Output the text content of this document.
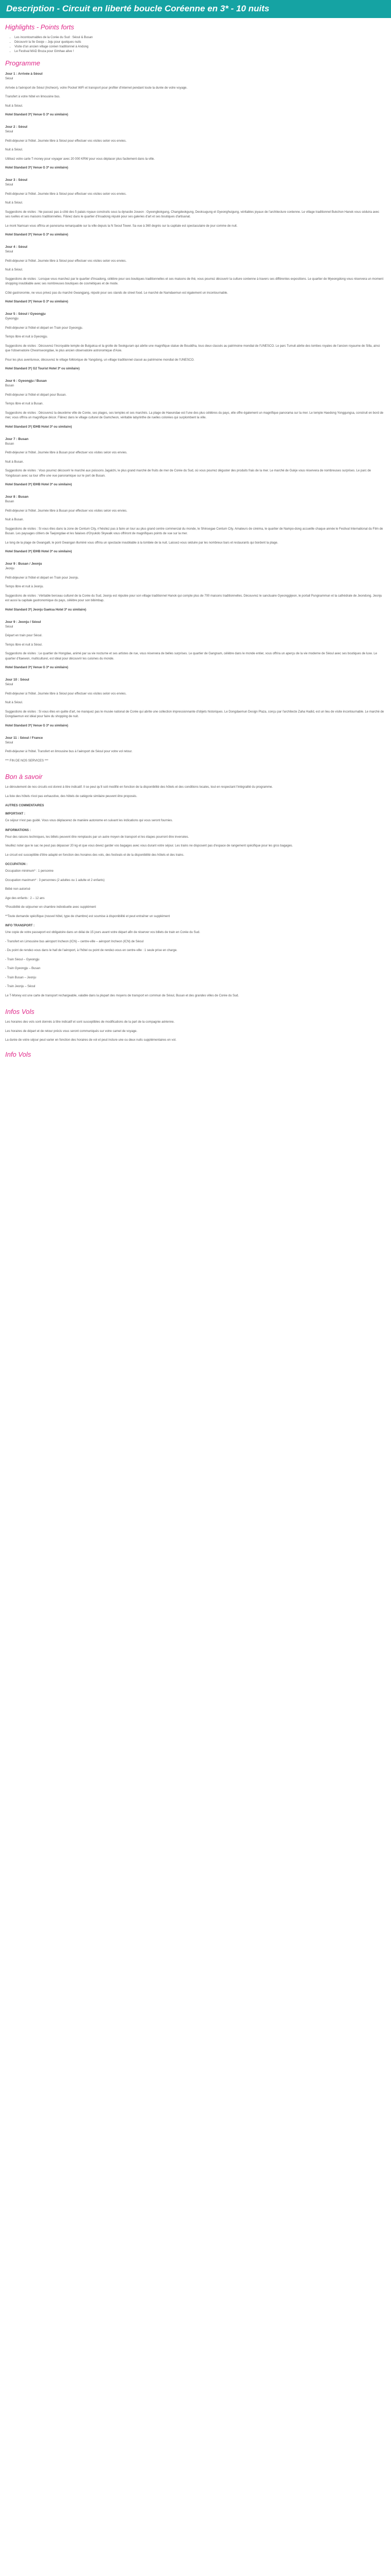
Description - Circuit en liberté boucle Coréenne en 3* - 10 nuits
Highlights - Points forts
• Les incontournables de la Corée du Sud : Séoul & Busan
• Découvrir la île Geoje – Jeju pour quelques nuits
• Visite d'un ancien village coréen traditionnel à Andong
• Le Festival MAD Bruza pour Gimhae alive !
Programme
Jour 1 : Arrivée à Séoul
Séoul
Arrivée à l'aéroport de Séoul (Incheon), votre Pocket WiFi et transport pour profiter d'internet pendant toute la durée de votre voyage.
Transfert à votre hôtel en limousine bus.
Nuit à Séoul.
Hotel Standard 3*( Venue G 3* ou similaire)
Jour 2 : Séoul
Séoul
Petit-déjeuner à l'hôtel. Journée libre à Séoul pour effectuer vos visites selon vos envies.
Nuit à Séoul.
Utilisez votre carte T-money pour voyager avec 20 000 KRW pour vous déplacer plus facilement dans la ville.
Hotel Standard 3*( Venue G 3* ou similaire)
Jour 3 : Séoul
Séoul
Petit-déjeuner à l'hôtel. Journée libre à Séoul pour effectuer vos visites selon vos envies.
Nuit à Séoul.
Suggestions de visites : Ne passez pas à côté des 5 palais royaux construits sous la dynastie Joseon : Gyeongbokgung, Changdeokgung, Deoksugung et Gyeonghuigung, véritables joyaux de l'architecture coréenne. Le village traditionnel Bukchon Hanok vous séduira avec ses ruelles et ses maisons traditionnelles. Flânez dans le quartier d'Insadong réputé pour ses galeries d'art et ses boutiques d'artisanat.
Le mont Namsan vous offrira un panorama remarquable sur la ville depuis la N Seoul Tower. Sa vue à 360 degrés sur la capitale est spectaculaire de jour comme de nuit.
Hotel Standard 3*( Venue G 3* ou similaire)
Jour 4 : Séoul
Séoul
Petit-déjeuner à l'hôtel. Journée libre à Séoul pour effectuer vos visites selon vos envies.
Nuit à Séoul.
Suggestions de visites : Lorsque vous marchez par le quartier d'Insadong, célèbre pour ses boutiques traditionnelles et ses maisons de thé, vous pourrez découvrir la culture coréenne à travers ses différentes expositions. Le quartier de Myeongdong vous réservera un moment shopping inoubliable avec ses nombreuses boutiques de cosmétiques et de mode.
Côté gastronomie, ne vous privez pas du marché Gwangjang, réputé pour ses stands de street food. Le marché de Namdaemun est également un incontournable.
Hotel Standard 3*( Venue G 3* ou similaire)
Jour 5 : Séoul / Gyeongju
Gyeongju
Petit-déjeuner à l'hôtel et départ en Train pour Gyeongju.
Temps libre et nuit à Gyeongju.
Suggestions de visites : Découvrez l'incroyable temple de Bulguksa et la grotte de Seokguram qui abrite une magnifique statue de Bouddha, tous deux classés au patrimoine mondial de l'UNESCO. Le parc Tumuli abrite des tombes royales de l'ancien royaume de Silla, ainsi que l'observatoire Cheomseongdae, le plus ancien observatoire astronomique d'Asie.
Pour les plus aventureux, découvrez le village folklorique de Yangdong, un village traditionnel classé au patrimoine mondial de l'UNESCO.
Hotel Standard 3*( G2 Tourist Hotel 3* ou similaire)
Jour 6 : Gyeongju / Busan
Busan
Petit-déjeuner à l'hôtel et départ pour Busan.
Temps libre et nuit à Busan.
Suggestions de visites : Découvrez la deuxième ville de Corée, ses plages, ses temples et ses marchés. La plage de Haeundae est l'une des plus célèbres du pays, elle offre également un magnifique panorama sur la mer. Le temple Haedong Yonggungsa, construit en bord de mer, vous offrira un magnifique décor. Flânez dans le village culturel de Gamcheon, véritable labyrinthe de ruelles colorées qui surplombent la ville.
Hotel Standard 3*( IDHB Hotel 3* ou similaire)
Jour 7 : Busan
Busan
Petit-déjeuner à l'hôtel. Journée libre à Busan pour effectuer vos visites selon vos envies.
Nuit à Busan.
Suggestions de visites : Vous pourrez découvrir le marché aux poissons Jagalchi, le plus grand marché de fruits de mer de Corée du Sud, où vous pourrez déguster des produits frais de la mer. Le marché de Gukje vous réservera de nombreuses surprises. Le parc de Yongdusan avec sa tour offre une vue panoramique sur le port de Busan.
Hotel Standard 3*( IDHB Hotel 3* ou similaire)
Jour 8 : Busan
Busan
Petit-déjeuner à l'hôtel. Journée libre à Busan pour effectuer vos visites selon vos envies.
Nuit à Busan.
Suggestions de visites : Si vous êtes dans la zone de Centum City, n'hésitez pas à faire un tour au plus grand centre commercial du monde, le Shinsegae Centum City. Amateurs de cinéma, le quartier de Nampo-dong accueille chaque année le Festival International du Film de Busan. Les paysages côtiers de Taejongdae et les falaises d'Oryukdo Skywalk vous offriront de magnifiques points de vue sur la mer.
Le long de la plage de Gwangalli, le pont Gwangan illuminé vous offrira un spectacle inoubliable à la tombée de la nuit. Laissez-vous séduire par les nombreux bars et restaurants qui bordent la plage.
Hotel Standard 3*( IDHB Hotel 3* ou similaire)
Jour 9 : Busan / Jeonju
Jeonju
Petit-déjeuner à l'hôtel et départ en Train pour Jeonju.
Temps libre et nuit à Jeonju.
Suggestions de visites : Véritable berceau culturel de la Corée du Sud, Jeonju est réputée pour son village traditionnel Hanok qui compte plus de 700 maisons traditionnelles. Découvrez le sanctuaire Gyeonggijeon, le portail Pungnammun et la cathédrale de Jeondong. Jeonju est aussi la capitale gastronomique du pays, célèbre pour son bibimbap.
Hotel Standard 3*( Jeonju Gaeksa Hotel 3* ou similaire)
Jour 9 : Jeonju / Séoul
Séoul
Départ en train pour Séoul.
Temps libre et nuit à Séoul.
Suggestions de visites : Le quartier de Hongdae, animé par sa vie nocturne et ses artistes de rue, vous réservera de belles surprises. Le quartier de Gangnam, célèbre dans le monde entier, vous offrira un aperçu de la vie moderne de Séoul avec ses boutiques de luxe. Le quartier d'Itaewon, multiculturel, est idéal pour découvrir les cuisines du monde.
Hotel Standard 3*( Venue G 3* ou similaire)
Jour 10 : Séoul
Séoul
Petit-déjeuner à l'hôtel. Journée libre à Séoul pour effectuer vos visites selon vos envies.
Nuit à Séoul.
Suggestions de visites : Si vous êtes en quête d'art, ne manquez pas le musée national de Corée qui abrite une collection impressionnante d'objets historiques. Le Dongdaemun Design Plaza, conçu par l'architecte Zaha Hadid, est un lieu de visite incontournable. Le marché de Dongdaemun est idéal pour faire du shopping de nuit.
Hotel Standard 3*( Venue G 3* ou similaire)
Jour 11 : Séoul / France
Séoul
Petit-déjeuner à l'hôtel. Transfert en limousine bus à l'aéroport de Séoul pour votre vol retour.
*** FIN DE NOS SERVICES ***
Bon à savoir
Le déroulement de nos circuits est donné à titre indicatif. Il se peut qu'il soit modifié en fonction de la disponibilité des hôtels et des conditions locales, tout en respectant l'intégralité du programme.
La liste des hôtels n'est pas exhaustive, des hôtels de catégorie similaire peuvent être proposés.
AUTRES COMMENTAIRES
IMPORTANT :
Ce séjour n'est pas guidé. Vous vous déplacerez de manière autonome en suivant les indications qui vous seront fournies.
INFORMATIONS :
Pour des raisons techniques, les billets peuvent être remplacés par un autre moyen de transport et les étapes pourront être inversées.
Veuillez noter que le sac ne peut pas dépasser 20 kg et que vous devez garder vos bagages avec vous durant votre séjour. Les trains ne disposent pas d'espace de rangement spécifique pour les gros bagages.
Le circuit est susceptible d'être adapté en fonction des horaires des vols, des festivals et de la disponibilité des hôtels et des trains.
OCCUPATION :
Occupation minimum* : 1 personne
Occupation maximum* : 3 personnes (2 adultes ou 1 adulte et 2 enfants)
Bébé non autorisé
Age des enfants : 2 – 12 ans
*Possibilité de séjourner en chambre individuelle avec supplément
**Toute demande spécifique (nouvel hôtel, type de chambre) est soumise à disponibilité et peut entraîner un supplément
INFO TRANSPORT :
Une copie de votre passeport est obligatoire dans un délai de 15 jours avant votre départ afin de réserver vos billets de train en Corée du Sud.
- Transfert en Limousine bus aéroport Incheon (ICN) – centre-ville – aéroport Incheon (ICN) de Séoul
- Du point de rendez-vous dans le hall de l'aéroport, à l'hôtel ou point de rendez-vous en centre-ville : 1 seule prise en charge.
- Train Séoul – Gyeongju
- Train Gyeongju – Busan
- Train Busan – Jeonju
- Train Jeonju – Séoul
Le T-Money est une carte de transport rechargeable, valable dans la plupart des moyens de transport en commun de Séoul, Busan et des grandes villes de Corée du Sud.
Infos Vols
Les horaires des vols sont donnés à titre indicatif et sont susceptibles de modifications de la part de la compagnie aérienne.
Les horaires de départ et de retour précis vous seront communiqués sur votre carnet de voyage.
La durée de votre séjour peut varier en fonction des horaires de vol et peut inclure une ou deux nuits supplémentaires en vol.
Info Vols
